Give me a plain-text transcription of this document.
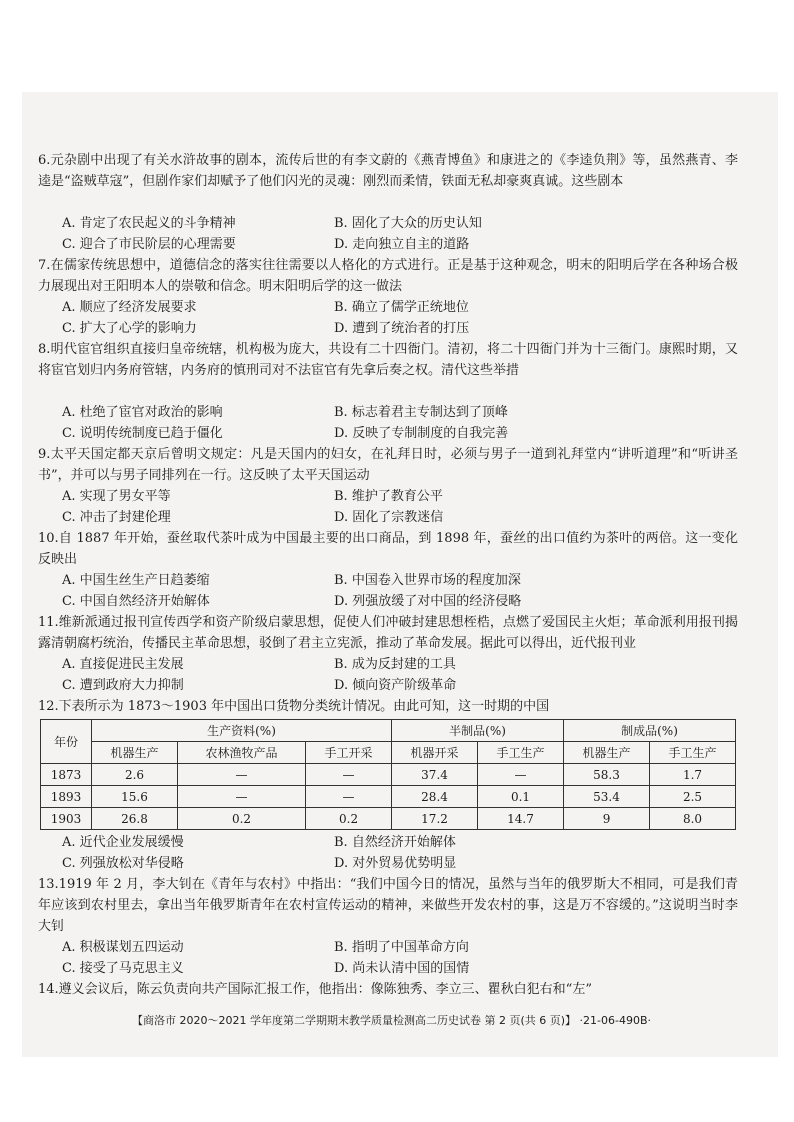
6.元杂剧中出现了有关水浒故事的剧本，流传后世的有李文蔚的《燕青博鱼》和康进之的《李逵负荆》等，虽然燕青、李逵是“盗贼草寇”，但剧作家们却赋予了他们闪光的灵魂：刚烈而柔情，铁面无私却豪爽真诚。这些剧本
A. 肯定了农民起义的斗争精神	B. 固化了大众的历史认知
C. 迎合了市民阶层的心理需要	D. 走向独立自主的道路
7.在儒家传统思想中，道德信念的落实往往需要以人格化的方式进行。正是基于这种观念，明末的阳明后学在各种场合极力展现出对王阳明本人的崇敬和信念。明末阳明后学的这一做法
A. 顺应了经济发展要求	B. 确立了儒学正统地位
C. 扩大了心学的影响力	D. 遭到了统治者的打压
8.明代宦官组织直接归皇帝统辖，机构极为庞大，共设有二十四衙门。清初，将二十四衙门并为十三衙门。康熙时期，又将宦官划归内务府管辖，内务府的慎刑司对不法宦官有先拿后奏之权。清代这些举措
A. 杜绝了宦官对政治的影响	B. 标志着君主专制达到了顶峰
C. 说明传统制度已趋于僵化	D. 反映了专制制度的自我完善
9.太平天国定都天京后曾明文规定：凡是天国内的妇女，在礼拜日时，必须与男子一道到礼拜堂内“讲听道理”和“听讲圣书”，并可以与男子同排列在一行。这反映了太平天国运动
A. 实现了男女平等	B. 维护了教育公平
C. 冲击了封建伦理	D. 固化了宗教迷信
10.自 1887 年开始，蚕丝取代茶叶成为中国最主要的出口商品，到 1898 年，蚕丝的出口值约为茶叶的两倍。这一变化反映出
A. 中国生丝生产日趋萎缩	B. 中国卷入世界市场的程度加深
C. 中国自然经济开始解体	D. 列强放缓了对中国的经济侵略
11.维新派通过报刊宣传西学和资产阶级启蒙思想，促使人们冲破封建思想桎梏，点燃了爱国民主火炬；革命派利用报刊揭露清朝腐朽统治，传播民主革命思想，驳倒了君主立宪派，推动了革命发展。据此可以得出，近代报刊业
A. 直接促进民主发展	B. 成为反封建的工具
C. 遭到政府大力抑制	D. 倾向资产阶级革命
12.下表所示为 1873～1903 年中国出口货物分类统计情况。由此可知，这一时期的中国
年份	生产资料(%)			半制品(%)		制成品(%)	
	机器生产	农林渔牧产品	手工开采	机器开采	手工生产	机器生产	手工生产
1873	2.6	—	—	37.4	—	58.3	1.7
1893	15.6	—	—	28.4	0.1	53.4	2.5
1903	26.8	0.2	0.2	17.2	14.7	9	8.0
A. 近代企业发展缓慢	B. 自然经济开始解体
C. 列强放松对华侵略	D. 对外贸易优势明显
13.1919 年 2 月，李大钊在《青年与农村》中指出：“我们中国今日的情况，虽然与当年的俄罗斯大不相同，可是我们青年应该到农村里去，拿出当年俄罗斯青年在农村宣传运动的精神，来做些开发农村的事，这是万不容缓的。”这说明当时李大钊
A. 积极谋划五四运动	B. 指明了中国革命方向
C. 接受了马克思主义	D. 尚未认清中国的国情
14.遵义会议后，陈云负责向共产国际汇报工作，他指出：像陈独秀、李立三、瞿秋白犯右和“左”
【商洛市 2020～2021 学年度第二学期期末教学质量检测高二历史试卷 第 2 页(共 6 页)】 ·21-06-490B·
